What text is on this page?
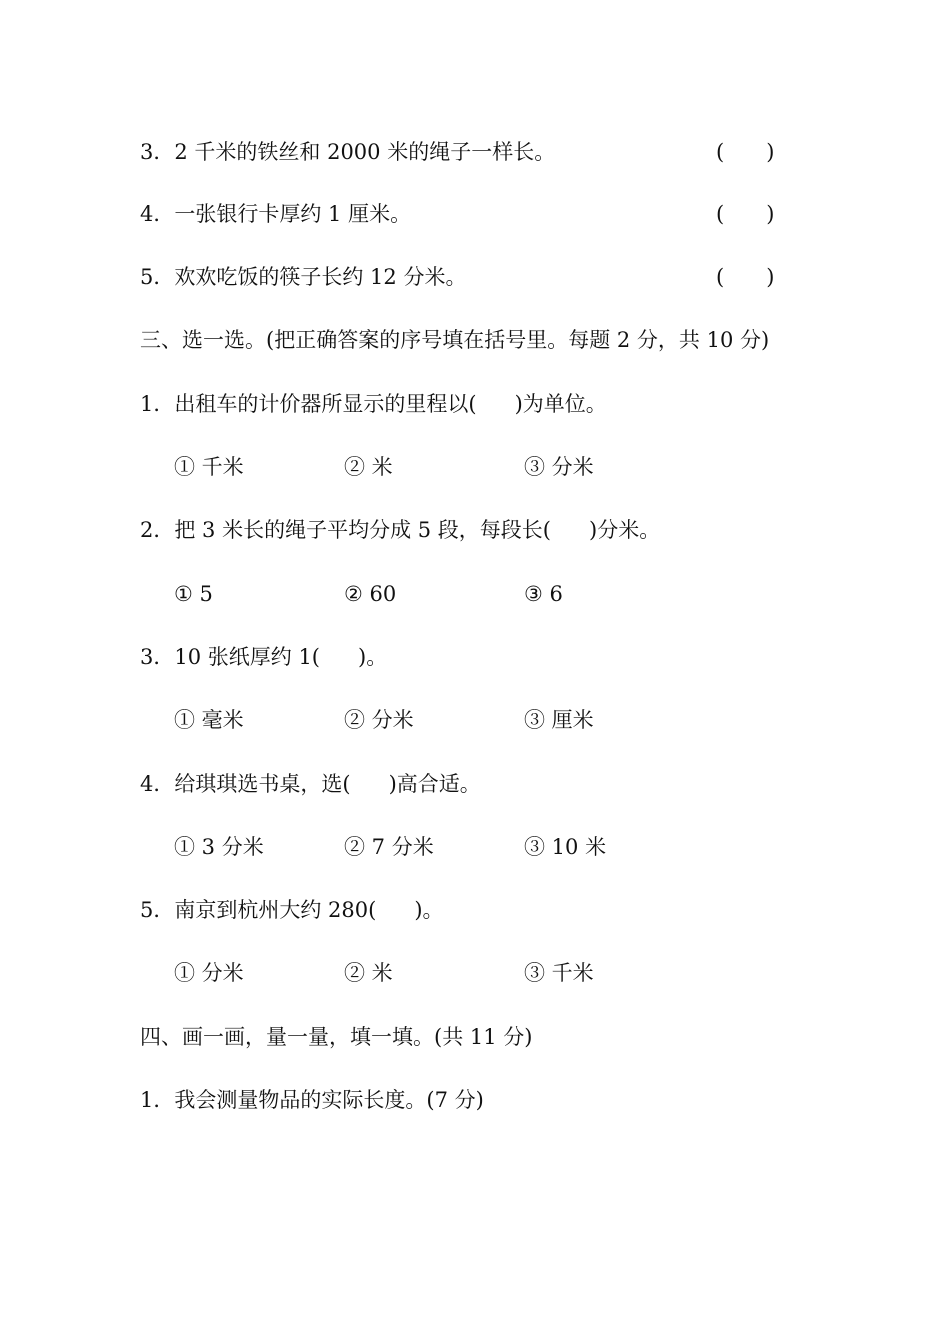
3．2 千米的铁丝和 2000 米的绳子一样长。	( )
4．一张银行卡厚约 1 厘米。	( )
5．欢欢吃饭的筷子长约 12 分米。	( )
三、选一选。(把正确答案的序号填在括号里。每题 2 分，共 10 分)
1．出租车的计价器所显示的里程以( )为单位。
① 千米	② 米	③ 分米
2．把 3 米长的绳子平均分成 5 段，每段长( )分米。
① 5	② 60	③ 6
3．10 张纸厚约 1( )。
① 毫米	② 分米	③ 厘米
4．给琪琪选书桌，选( )高合适。
① 3 分米	② 7 分米	③ 10 米
5．南京到杭州大约 280( )。
① 分米	② 米	③ 千米
四、画一画，量一量，填一填。(共 11 分)
1．我会测量物品的实际长度。(7 分)
